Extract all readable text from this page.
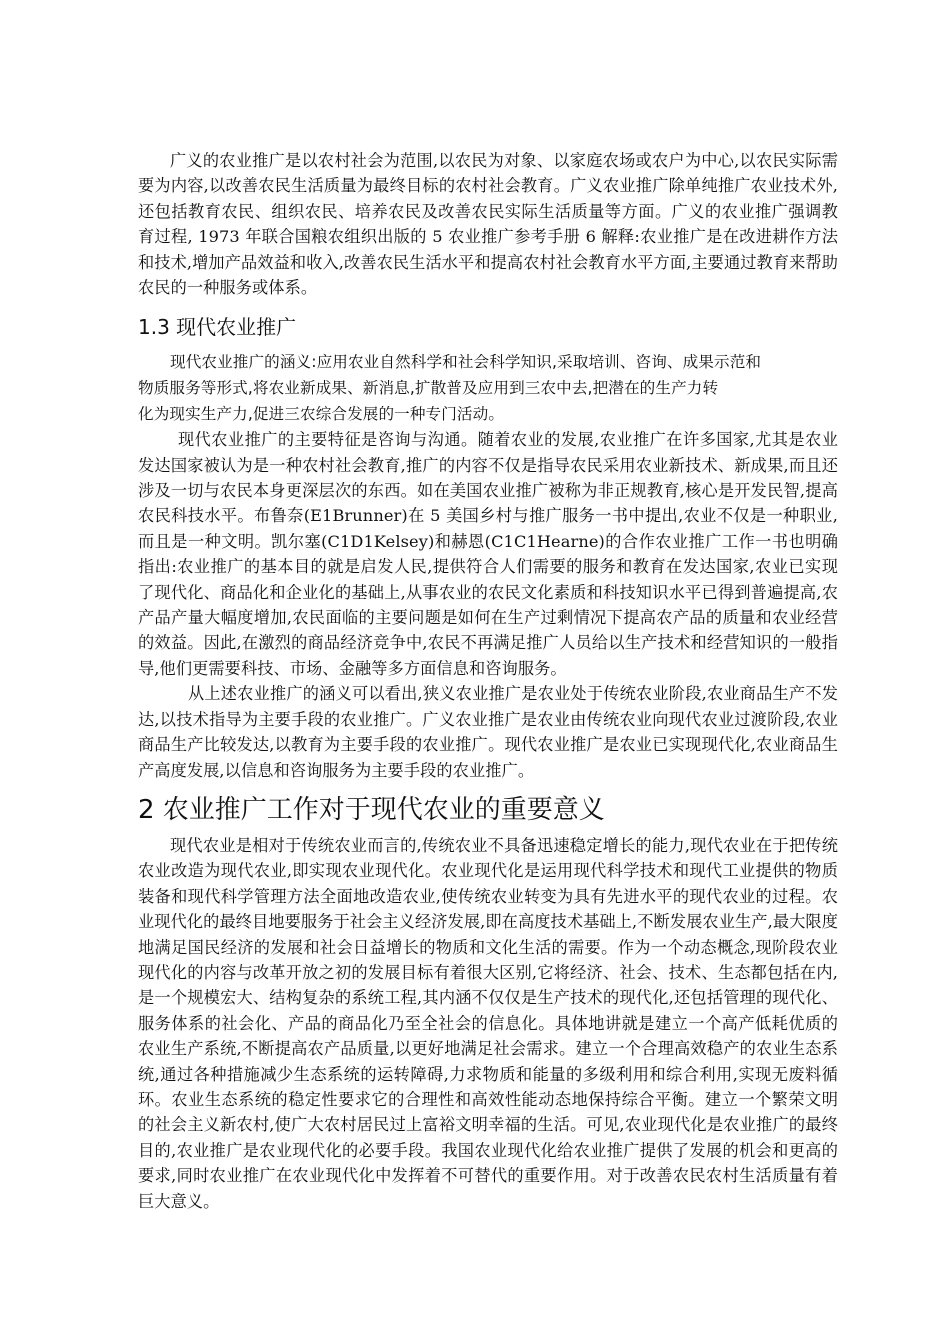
广义的农业推广是以农村社会为范围,以农民为对象、以家庭农场或农户为中心,以农民实际需要为内容,以改善农民生活质量为最终目标的农村社会教育。广义农业推广除单纯推广农业技术外,还包括教育农民、组织农民、培养农民及改善农民实际生活质量等方面。广义的农业推广强调教育过程, 1973 年联合国粮农组织出版的 5 农业推广参考手册 6 解释:农业推广是在改进耕作方法和技术,增加产品效益和收入,改善农民生活水平和提高农村社会教育水平方面,主要通过教育来帮助农民的一种服务或体系。

1.3 现代农业推广

现代农业推广的涵义:应用农业自然科学和社会科学知识,采取培训、咨询、成果示范和
物质服务等形式,将农业新成果、新消息,扩散普及应用到三农中去,把潜在的生产力转
化为现实生产力,促进三农综合发展的一种专门活动。

现代农业推广的主要特征是咨询与沟通。随着农业的发展,农业推广在许多国家,尤其是农业发达国家被认为是一种农村社会教育,推广的内容不仅是指导农民采用农业新技术、新成果,而且还涉及一切与农民本身更深层次的东西。如在美国农业推广被称为非正规教育,核心是开发民智,提高农民科技水平。布鲁奈(E1Brunner)在 5 美国乡村与推广服务一书中提出,农业不仅是一种职业,而且是一种文明。凯尔塞(C1D1Kelsey)和赫恩(C1C1Hearne)的合作农业推广工作一书也明确指出:农业推广的基本目的就是启发人民,提供符合人们需要的服务和教育在发达国家,农业已实现了现代化、商品化和企业化的基础上,从事农业的农民文化素质和科技知识水平已得到普遍提高,农产品产量大幅度增加,农民面临的主要问题是如何在生产过剩情况下提高农产品的质量和农业经营的效益。因此,在激烈的商品经济竞争中,农民不再满足推广人员给以生产技术和经营知识的一般指导,他们更需要科技、市场、金融等多方面信息和咨询服务。

从上述农业推广的涵义可以看出,狭义农业推广是农业处于传统农业阶段,农业商品生产不发达,以技术指导为主要手段的农业推广。广义农业推广是农业由传统农业向现代农业过渡阶段,农业商品生产比较发达,以教育为主要手段的农业推广。现代农业推广是农业已实现现代化,农业商品生产高度发展,以信息和咨询服务为主要手段的农业推广。

2 农业推广工作对于现代农业的重要意义

现代农业是相对于传统农业而言的,传统农业不具备迅速稳定增长的能力,现代农业在于把传统农业改造为现代农业,即实现农业现代化。农业现代化是运用现代科学技术和现代工业提供的物质装备和现代科学管理方法全面地改造农业,使传统农业转变为具有先进水平的现代农业的过程。农业现代化的最终目地要服务于社会主义经济发展,即在高度技术基础上,不断发展农业生产,最大限度地满足国民经济的发展和社会日益增长的物质和文化生活的需要。作为一个动态概念,现阶段农业现代化的内容与改革开放之初的发展目标有着很大区别,它将经济、社会、技术、生态都包括在内,是一个规模宏大、结构复杂的系统工程,其内涵不仅仅是生产技术的现代化,还包括管理的现代化、服务体系的社会化、产品的商品化乃至全社会的信息化。具体地讲就是建立一个高产低耗优质的农业生产系统,不断提高农产品质量,以更好地满足社会需求。建立一个合理高效稳产的农业生态系统,通过各种措施减少生态系统的运转障碍,力求物质和能量的多级利用和综合利用,实现无废料循环。农业生态系统的稳定性要求它的合理性和高效性能动态地保持综合平衡。建立一个繁荣文明的社会主义新农村,使广大农村居民过上富裕文明幸福的生活。可见,农业现代化是农业推广的最终目的,农业推广是农业现代化的必要手段。我国农业现代化给农业推广提供了发展的机会和更高的要求,同时农业推广在农业现代化中发挥着不可替代的重要作用。对于改善农民农村生活质量有着巨大意义。
